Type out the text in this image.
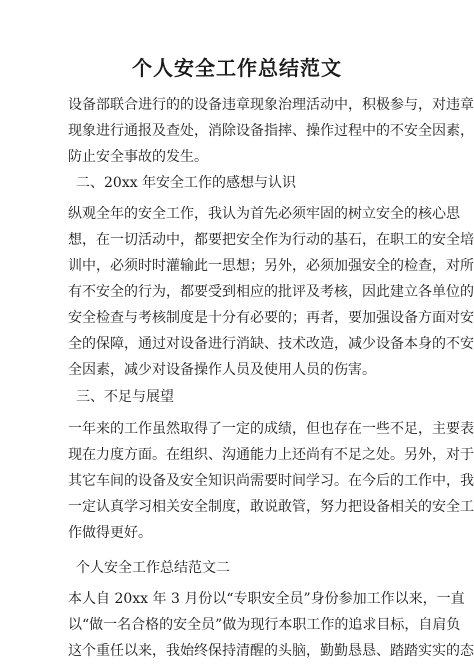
个人安全工作总结范文
设备部联合进行的的设备违章现象治理活动中，积极参与，对违章
现象进行通报及查处，消除设备指摔、操作过程中的不安全因素，
防止安全事故的发生。
二、20xx 年安全工作的感想与认识
纵观全年的安全工作，我认为首先必须牢固的树立安全的核心思
想，在一切活动中，都要把安全作为行动的基石，在职工的安全培
训中，必须时时灌输此一思想；另外，必须加强安全的检查，对所
有不安全的行为，都要受到相应的批评及考核，因此建立各单位的
安全检查与考核制度是十分有必要的；再者，要加强设备方面对安
全的保障，通过对设备进行消缺、技术改造，减少设备本身的不安
全因素，减少对设备操作人员及使用人员的伤害。
三、不足与展望
一年来的工作虽然取得了一定的成绩，但也存在一些不足，主要表
现在力度方面。在组织、沟通能力上还尚有不足之处。另外，对于
其它车间的设备及安全知识尚需要时间学习。在今后的工作中，我
一定认真学习相关安全制度，敢说敢管，努力把设备相关的安全工
作做得更好。
个人安全工作总结范文二
本人自 20xx 年 3 月份以“专职安全员”身份参加工作以来，一直
以“做一名合格的安全员”做为现行本职工作的追求目标，自肩负
这个重任以来，我始终保持清醒的头脑，勤勤恳恳、踏踏实实的态
